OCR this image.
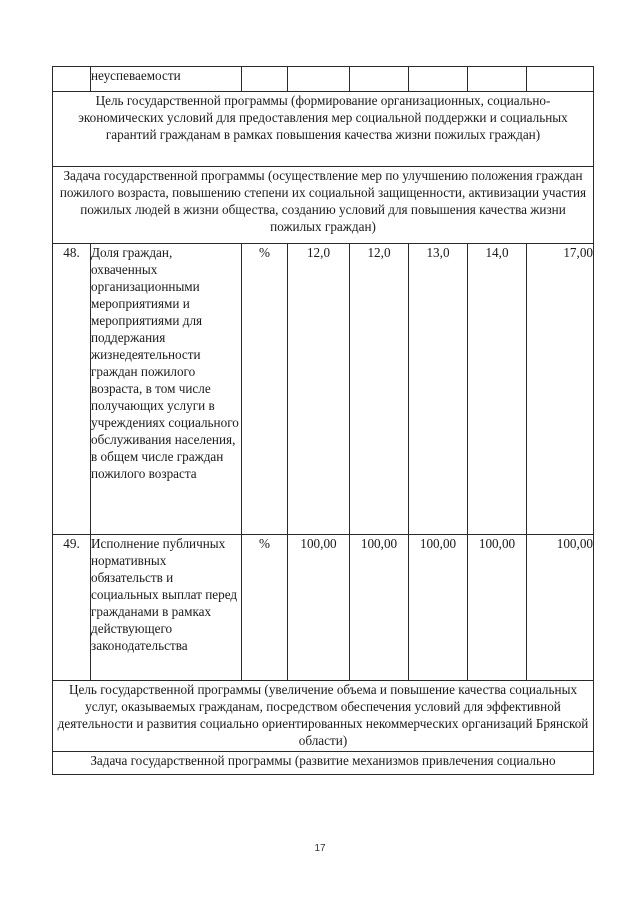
	неуспеваемости						
Цель государственной программы (формирование организационных, социально-экономических условий для предоставления мер социальной поддержки и социальных гарантий гражданам в рамках повышения качества жизни пожилых граждан)							
Задача государственной программы (осуществление мер по улучшению положения граждан пожилого возраста, повышению степени их социальной защищенности, активизации участия пожилых людей в жизни общества, созданию условий для повышения качества жизни пожилых граждан)							
48.	Доля граждан, охваченных организационными мероприятиями и мероприятиями для поддержания жизнедеятельности граждан пожилого возраста, в том числе получающих услуги в учреждениях социального обслуживания населения, в общем числе граждан пожилого возраста	%	12,0	12,0	13,0	14,0	17,00
49.	Исполнение публичных нормативных обязательств и социальных выплат перед гражданами в рамках действующего законодательства	%	100,00	100,00	100,00	100,00	100,00
Цель государственной программы (увеличение объема и повышение качества социальных услуг, оказываемых гражданам, посредством обеспечения условий для эффективной деятельности и развития социально ориентированных некоммерческих организаций Брянской области)							
Задача государственной программы (развитие механизмов привлечения социально							
17
